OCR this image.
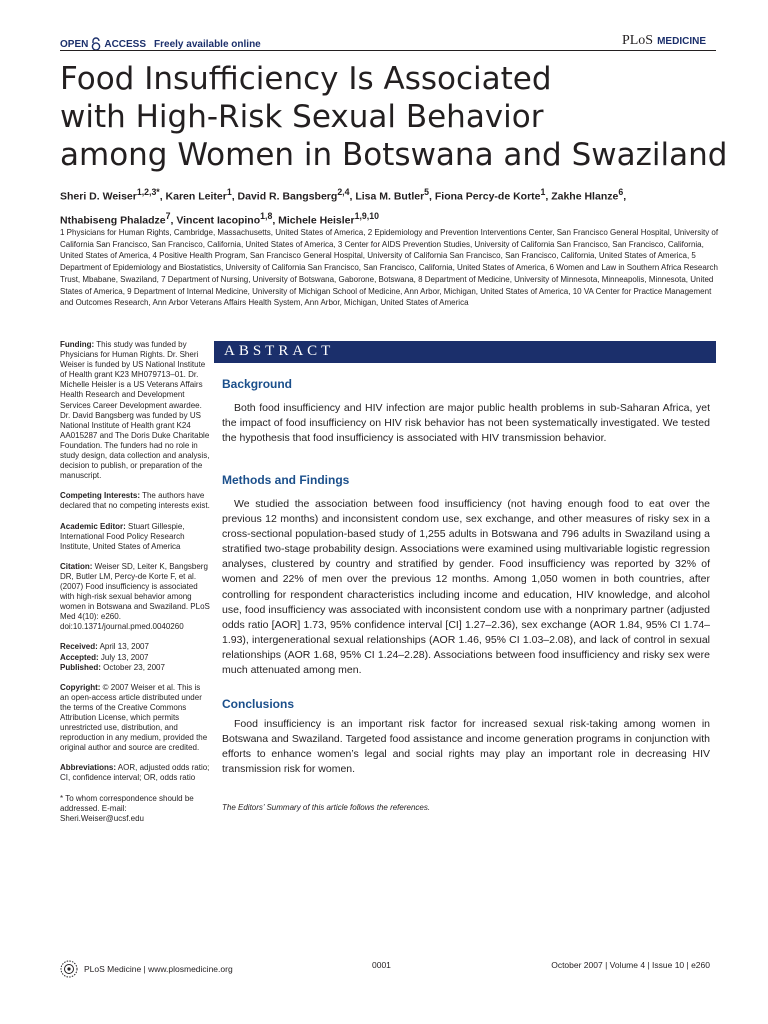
OPEN ACCESS Freely available online	PLoS MEDICINE
Food Insufficiency Is Associated
with High-Risk Sexual Behavior
among Women in Botswana and Swaziland
Sheri D. Weiser$^{1,2,3*}$, Karen Leiter$^1$, David R. Bangsberg$^{2,4}$, Lisa M. Butler$^5$, Fiona Percy-de Korte$^1$, Zakhe Hlanze$^6$,
Nthabiseng Phaladze$^7$, Vincent Iacopino$^{1,8}$, Michele Heisler$^{1,9,10}$
1 Physicians for Human Rights, Cambridge, Massachusetts, United States of America, 2 Epidemiology and Prevention Interventions Center, San Francisco General Hospital, University of California San Francisco, San Francisco, California, United States of America, 3 Center for AIDS Prevention Studies, University of California San Francisco, San Francisco, California, United States of America, 4 Positive Health Program, San Francisco General Hospital, University of California San Francisco, San Francisco, California, United States of America, 5 Department of Epidemiology and Biostatistics, University of California San Francisco, San Francisco, California, United States of America, 6 Women and Law in Southern Africa Research Trust, Mbabane, Swaziland, 7 Department of Nursing, University of Botswana, Gaborone, Botswana, 8 Department of Medicine, University of Minnesota, Minneapolis, Minnesota, United States of America, 9 Department of Internal Medicine, University of Michigan School of Medicine, Ann Arbor, Michigan, United States of America, 10 VA Center for Practice Management and Outcomes Research, Ann Arbor Veterans Affairs Health System, Ann Arbor, Michigan, United States of America

Funding: This study was funded by Physicians for Human Rights. Dr. Sheri Weiser is funded by US National Institute of Health grant K23 MH079713–01. Dr. Michelle Heisler is a US Veterans Affairs Health Research and Development Services Career Development awardee. Dr. David Bangsberg was funded by US National Institute of Health grant K24 AA015287 and The Doris Duke Charitable Foundation. The funders had no role in study design, data collection and analysis, decision to publish, or preparation of the manuscript.

Competing Interests: The authors have declared that no competing interests exist.

Academic Editor: Stuart Gillespie, International Food Policy Research Institute, United States of America

Citation: Weiser SD, Leiter K, Bangsberg DR, Butler LM, Percy-de Korte F, et al. (2007) Food insufficiency is associated with high-risk sexual behavior among women in Botswana and Swaziland. PLoS Med 4(10): e260. doi:10.1371/journal.pmed.0040260

Received: April 13, 2007
Accepted: July 13, 2007
Published: October 23, 2007

Copyright: © 2007 Weiser et al. This is an open-access article distributed under the terms of the Creative Commons Attribution License, which permits unrestricted use, distribution, and reproduction in any medium, provided the original author and source are credited.

Abbreviations: AOR, adjusted odds ratio; CI, confidence interval; OR, odds ratio

* To whom correspondence should be addressed. E-mail: Sheri.Weiser@ucsf.edu

ABSTRACT
Background
Both food insufficiency and HIV infection are major public health problems in sub-Saharan Africa, yet the impact of food insufficiency on HIV risk behavior has not been systematically investigated. We tested the hypothesis that food insufficiency is associated with HIV transmission behavior.
Methods and Findings
We studied the association between food insufficiency (not having enough food to eat over the previous 12 months) and inconsistent condom use, sex exchange, and other measures of risky sex in a cross-sectional population-based study of 1,255 adults in Botswana and 796 adults in Swaziland using a stratified two-stage probability design. Associations were examined using multivariable logistic regression analyses, clustered by country and stratified by gender. Food insufficiency was reported by 32% of women and 22% of men over the previous 12 months. Among 1,050 women in both countries, after controlling for respondent characteristics including income and education, HIV knowledge, and alcohol use, food insufficiency was associated with inconsistent condom use with a nonprimary partner (adjusted odds ratio [AOR] 1.73, 95% confidence interval [CI] 1.27–2.36), sex exchange (AOR 1.84, 95% CI 1.74–1.93), intergenerational sexual relationships (AOR 1.46, 95% CI 1.03–2.08), and lack of control in sexual relationships (AOR 1.68, 95% CI 1.24–2.28). Associations between food insufficiency and risky sex were much attenuated among men.
Conclusions
Food insufficiency is an important risk factor for increased sexual risk-taking among women in Botswana and Swaziland. Targeted food assistance and income generation programs in conjunction with efforts to enhance women’s legal and social rights may play an important role in decreasing HIV transmission risk for women.
The Editors’ Summary of this article follows the references.
PLoS Medicine | www.plosmedicine.org	0001	October 2007 | Volume 4 | Issue 10 | e260
